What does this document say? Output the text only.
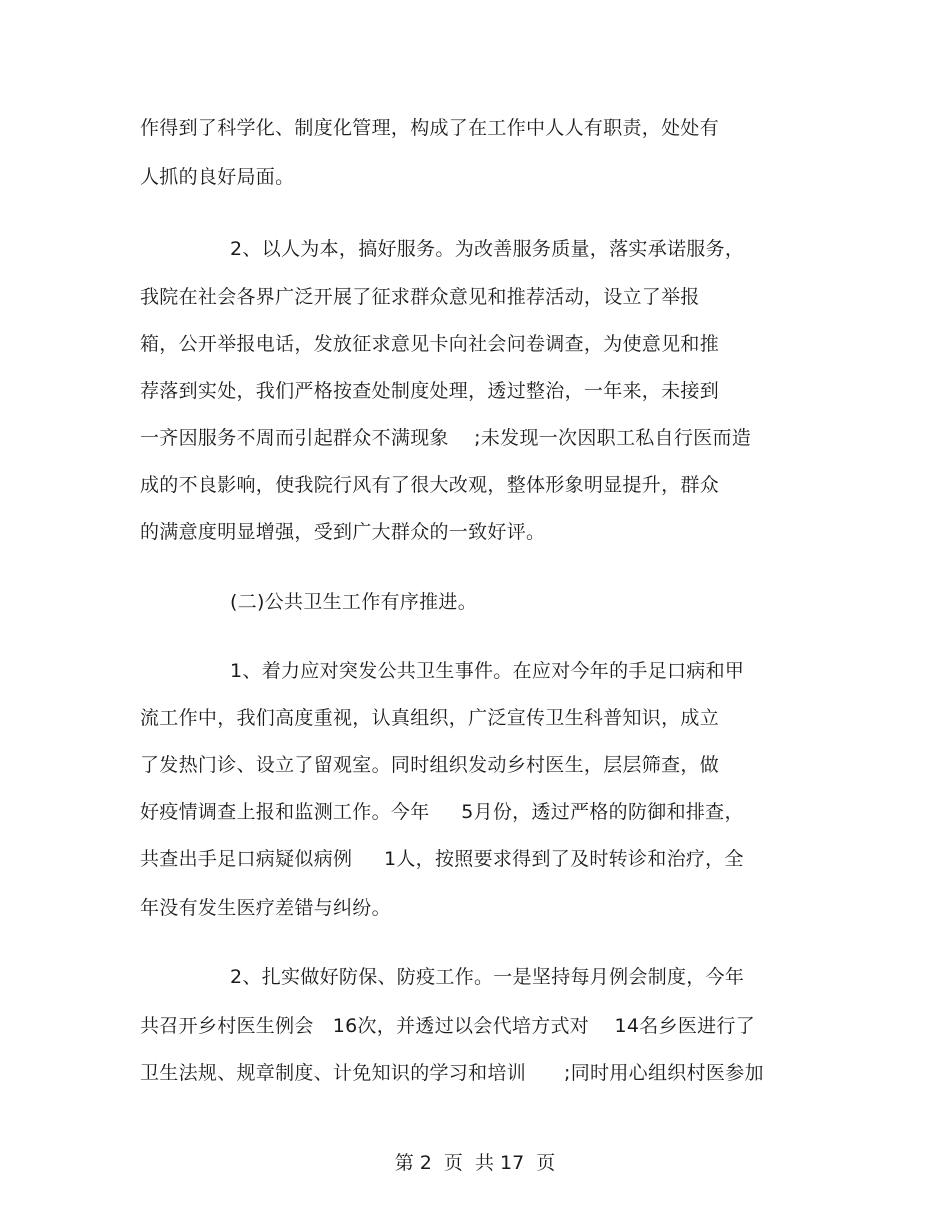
作得到了科学化、制度化管理，构成了在工作中人人有职责，处处有
人抓的良好局面。
2、以人为本，搞好服务。为改善服务质量，落实承诺服务，
我院在社会各界广泛开展了征求群众意见和推荐活动，设立了举报
箱，公开举报电话，发放征求意见卡向社会问卷调查，为使意见和推
荐落到实处，我们严格按查处制度处理，透过整治，一年来，未接到
一齐因服务不周而引起群众不满现象    ;未发现一次因职工私自行医而造
成的不良影响，使我院行风有了很大改观，整体形象明显提升，群众
的满意度明显增强，受到广大群众的一致好评。
(二)公共卫生工作有序推进。
1、着力应对突发公共卫生事件。在应对今年的手足口病和甲
流工作中，我们高度重视，认真组织，广泛宣传卫生科普知识，成立
了发热门诊、设立了留观室。同时组织发动乡村医生，层层筛查，做
好疫情调查上报和监测工作。今年     5月份，透过严格的防御和排查，
共查出手足口病疑似病例     1人，按照要求得到了及时转诊和治疗，全
年没有发生医疗差错与纠纷。
2、扎实做好防保、防疫工作。一是坚持每月例会制度，今年
共召开乡村医生例会   16次，并透过以会代培方式对    14名乡医进行了
卫生法规、规章制度、计免知识的学习和培训      ;同时用心组织村医参加
第 2  页  共 17  页
